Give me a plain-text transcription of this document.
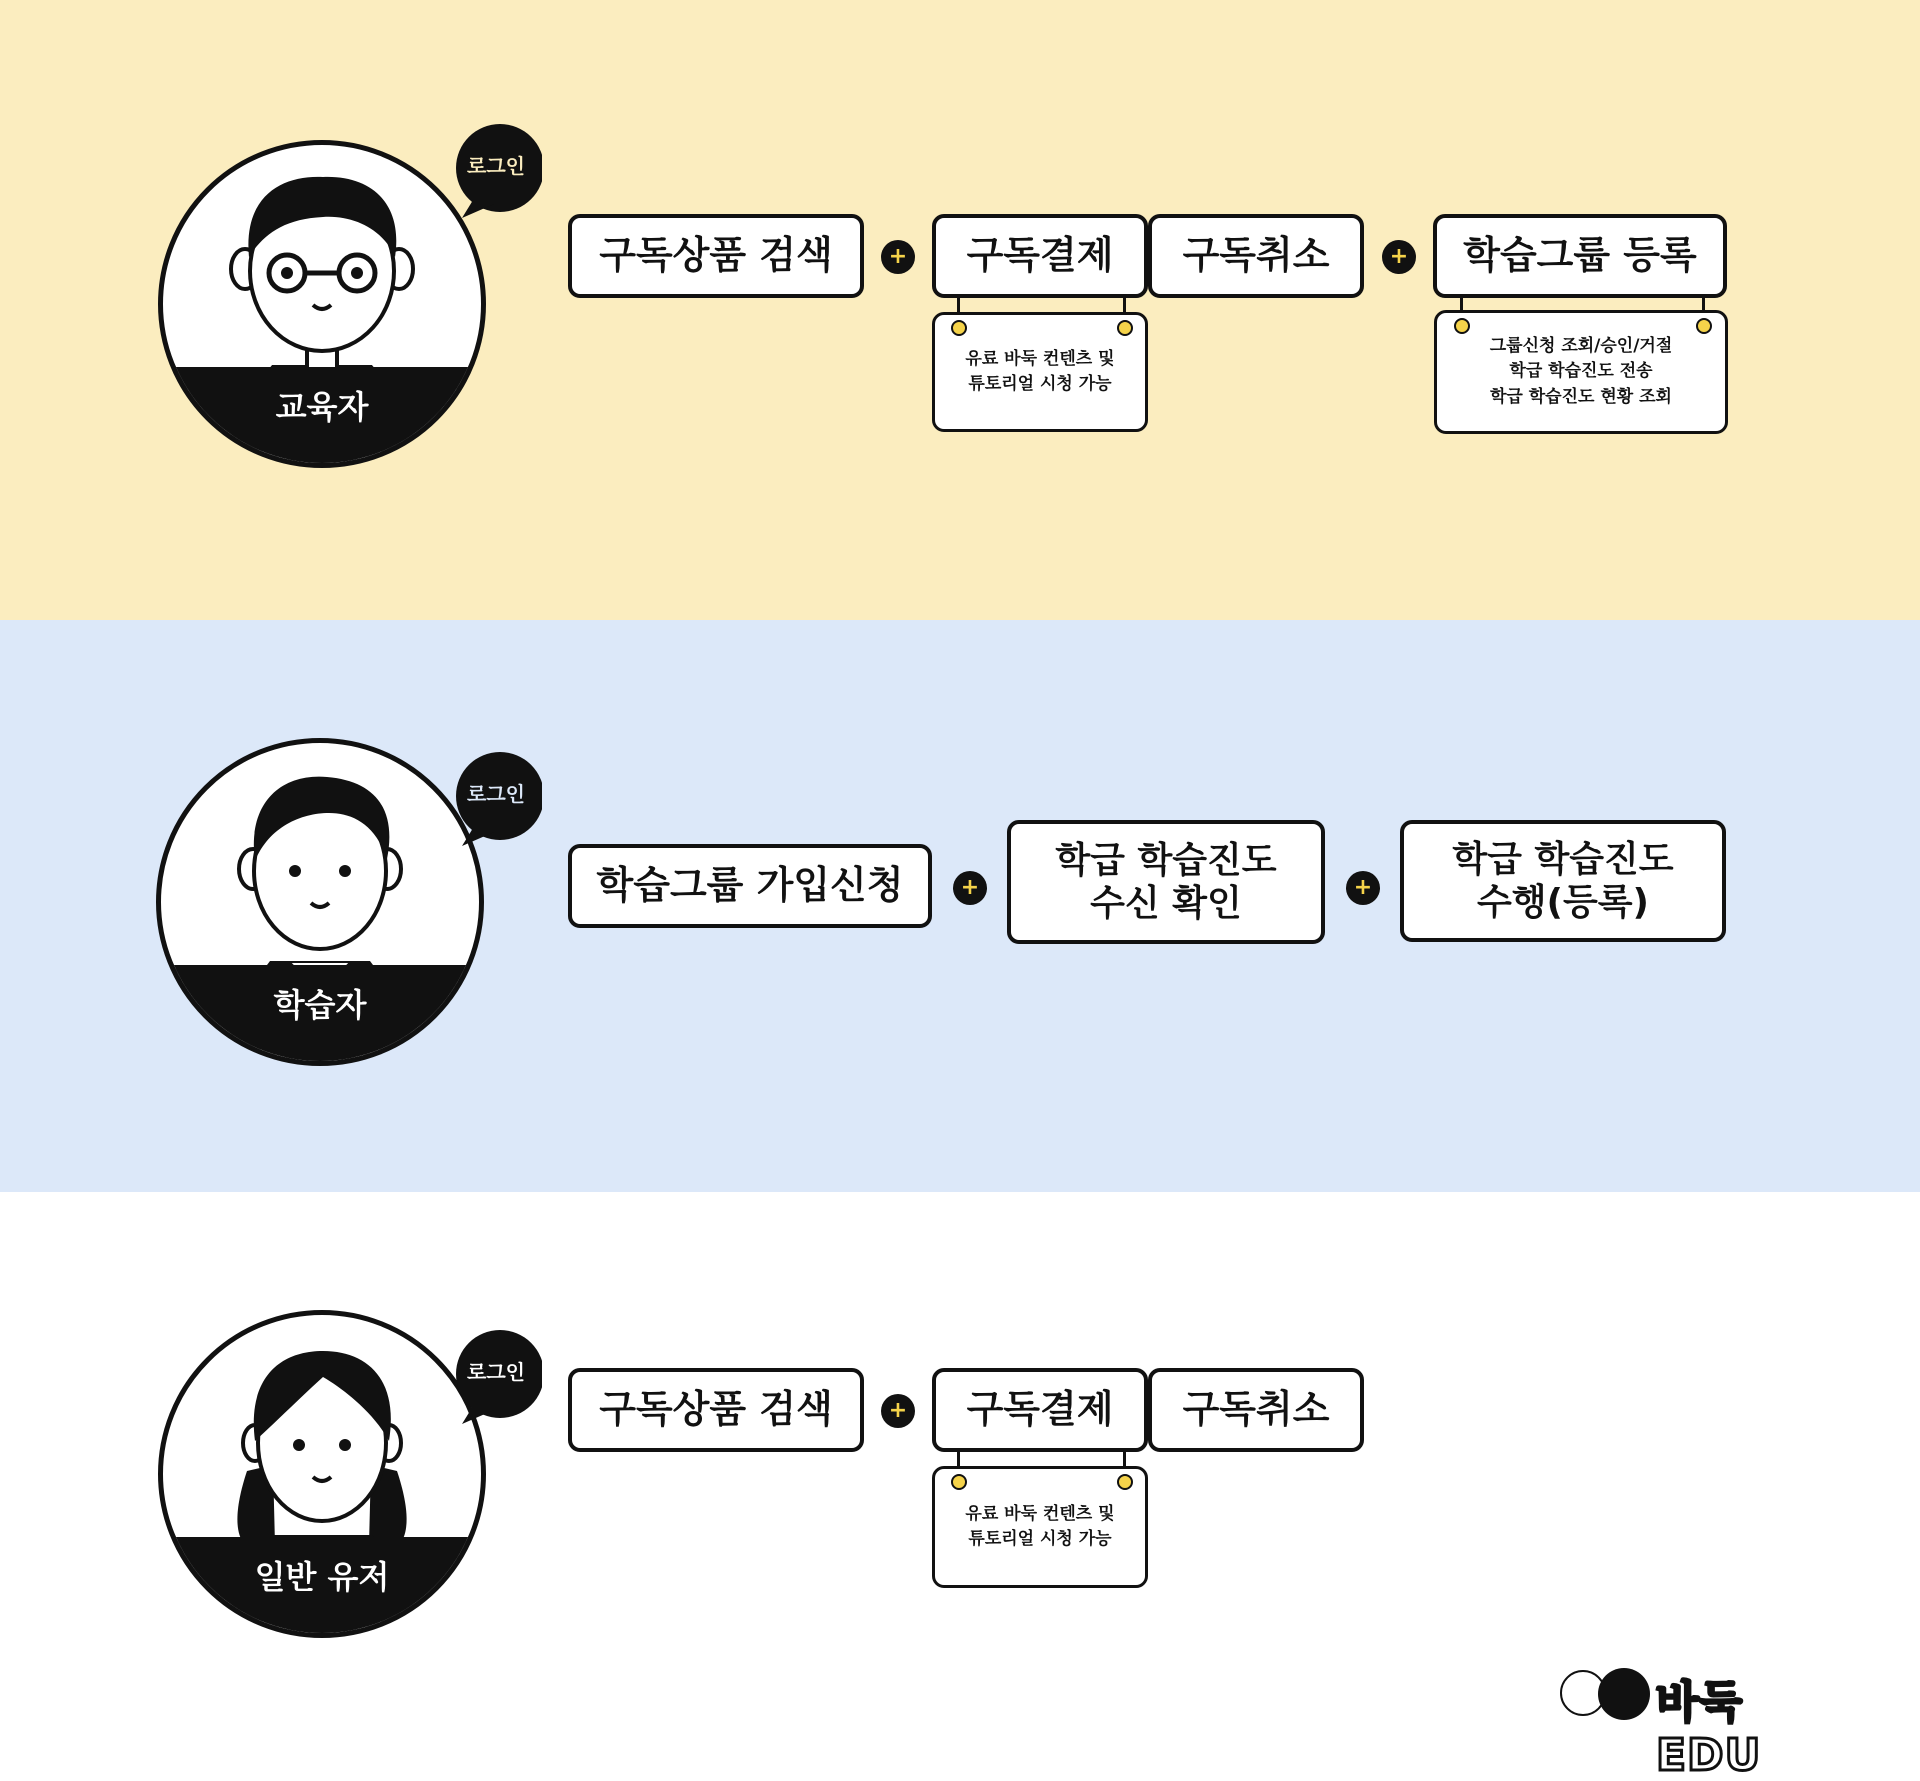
교육자
로그인
구독상품 검색	+	구독결제	구독취소	+	학습그룹 등록
유료 바둑 컨텐츠 및
튜토리얼 시청 가능
그룹신청 조회/승인/거절
학급 학습진도 전송
학급 학습진도 현황 조회
학습자
로그인
학습그룹 가입신청	+
학급 학습진도
수신 확인	+
학급 학습진도
수행(등록)
일반 유저
로그인
구독상품 검색	+	구독결제	구독취소
유료 바둑 컨텐츠 및
튜토리얼 시청 가능
바둑EDU
